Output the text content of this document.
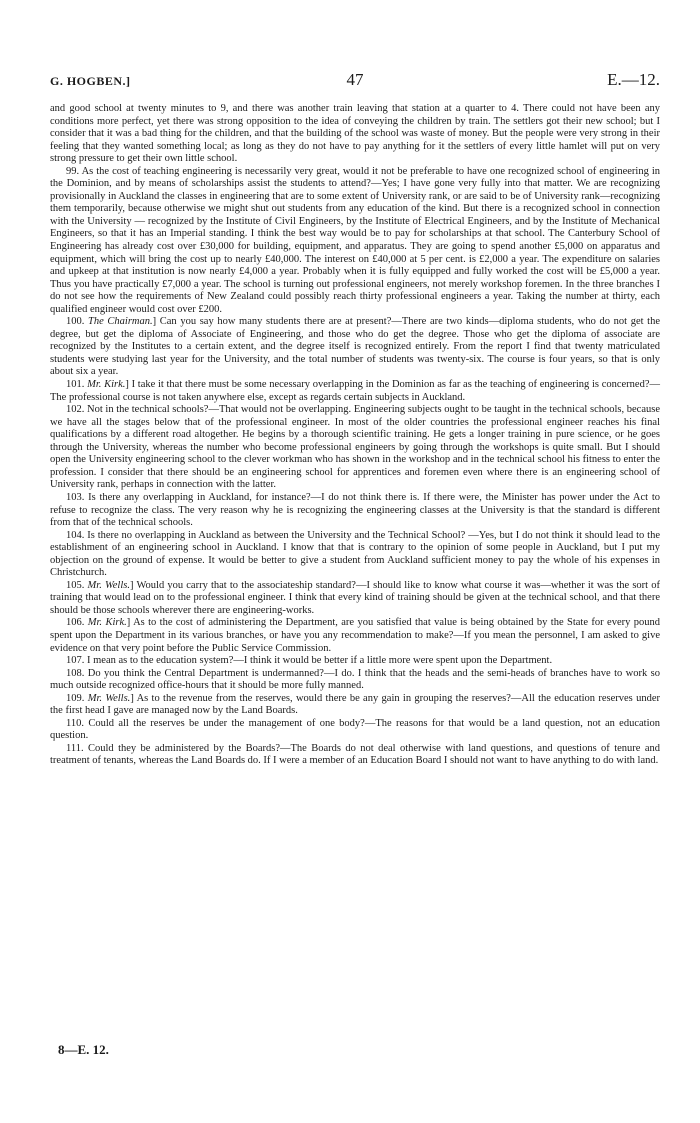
G. HOGBEN.]	47	E.—12.

and good school at twenty minutes to 9, and there was another train leaving that station at a quarter to 4. There could not have been any conditions more perfect, yet there was strong opposition to the idea of conveying the children by train. The settlers got their new school; but I consider that it was a bad thing for the children, and that the building of the school was waste of money. But the people were very strong in their feeling that they wanted something local; as long as they do not have to pay anything for it the settlers of every little hamlet will put on very strong pressure to get their own little school.

99. As the cost of teaching engineering is necessarily very great, would it not be preferable to have one recognized school of engineering in the Dominion, and by means of scholarships assist the students to attend?—Yes; I have gone very fully into that matter. We are recognizing provisionally in Auckland the classes in engineering that are to some extent of University rank, or are said to be of University rank—recognizing them temporarily, because otherwise we might shut out students from any education of the kind. But there is a recognized school in connection with the University — recognized by the Institute of Civil Engineers, by the Institute of Electrical Engineers, and by the Institute of Mechanical Engineers, so that it has an Imperial standing. I think the best way would be to pay for scholarships at that school. The Canterbury School of Engineering has already cost over £30,000 for building, equipment, and apparatus. They are going to spend another £5,000 on apparatus and equipment, which will bring the cost up to nearly £40,000. The interest on £40,000 at 5 per cent. is £2,000 a year. The expenditure on salaries and upkeep at that institution is now nearly £4,000 a year. Probably when it is fully equipped and fully worked the cost will be £5,000 a year. Thus you have practically £7,000 a year. The school is turning out professional engineers, not merely workshop foremen. In the three branches I do not see how the requirements of New Zealand could possibly reach thirty professional engineers a year. Taking the number at thirty, each qualified engineer would cost over £200.

100. The Chairman.] Can you say how many students there are at present?—There are two kinds—diploma students, who do not get the degree, but get the diploma of Associate of Engineering, and those who do get the degree. Those who get the diploma of associate are recognized by the Institutes to a certain extent, and the degree itself is recognized entirely. From the report I find that twenty matriculated students were studying last year for the University, and the total number of students was twenty-six. The course is four years, so that is only about six a year.

101. Mr. Kirk.] I take it that there must be some necessary overlapping in the Dominion as far as the teaching of engineering is concerned?—The professional course is not taken anywhere else, except as regards certain subjects in Auckland.

102. Not in the technical schools?—That would not be overlapping. Engineering subjects ought to be taught in the technical schools, because we have all the stages below that of the professional engineer. In most of the older countries the professional engineer reaches his final qualifications by a different road altogether. He begins by a thorough scientific training. He gets a longer training in pure science, or he goes through the University, whereas the number who become professional engineers by going through the workshops is quite small. But I should open the University engineering school to the clever workman who has shown in the workshop and in the technical school his fitness to enter the profession. I consider that there should be an engineering school for apprentices and foremen even where there is an engineering school of University rank, perhaps in connection with the latter.

103. Is there any overlapping in Auckland, for instance?—I do not think there is. If there were, the Minister has power under the Act to refuse to recognize the class. The very reason why he is recognizing the engineering classes at the University is that the standard is different from that of the technical schools.

104. Is there no overlapping in Auckland as between the University and the Technical School? —Yes, but I do not think it should lead to the establishment of an engineering school in Auckland. I know that that is contrary to the opinion of some people in Auckland, but I put my objection on the ground of expense. It would be better to give a student from Auckland sufficient money to pay the whole of his expenses in Christchurch.

105. Mr. Wells.] Would you carry that to the associateship standard?—I should like to know what course it was—whether it was the sort of training that would lead on to the professional engineer. I think that every kind of training should be given at the technical school, and that there should be those schools wherever there are engineering-works.

106. Mr. Kirk.] As to the cost of administering the Department, are you satisfied that value is being obtained by the State for every pound spent upon the Department in its various branches, or have you any recommendation to make?—If you mean the personnel, I am asked to give evidence on that very point before the Public Service Commission.

107. I mean as to the education system?—I think it would be better if a little more were spent upon the Department.

108. Do you think the Central Department is undermanned?—I do. I think that the heads and the semi-heads of branches have to work so much outside recognized office-hours that it should be more fully manned.

109. Mr. Wells.] As to the revenue from the reserves, would there be any gain in grouping the reserves?—All the education reserves under the first head I gave are managed now by the Land Boards.

110. Could all the reserves be under the management of one body?—The reasons for that would be a land question, not an education question.

111. Could they be administered by the Boards?—The Boards do not deal otherwise with land questions, and questions of tenure and treatment of tenants, whereas the Land Boards do. If I were a member of an Education Board I should not want to have anything to do with land.

8—E. 12.
